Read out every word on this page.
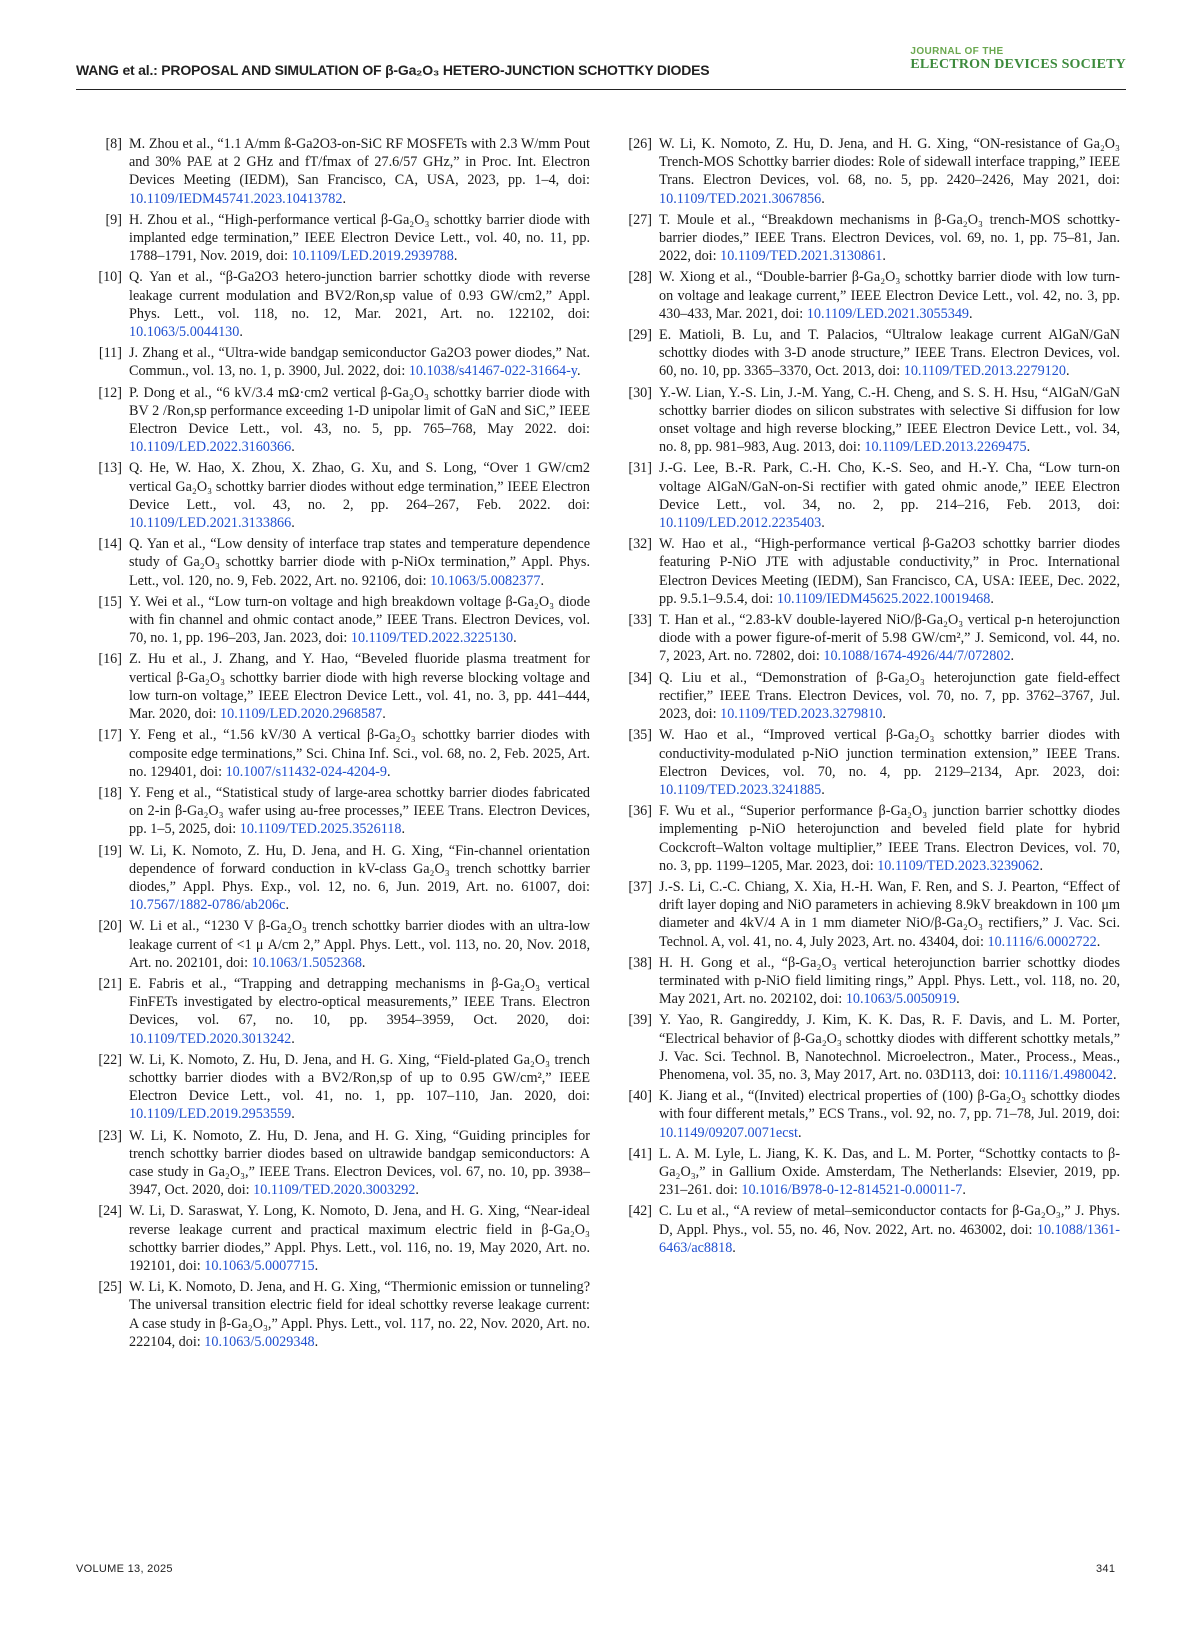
WANG et al.: PROPOSAL AND SIMULATION OF β-Ga₂O₃ HETERO-JUNCTION SCHOTTKY DIODES
JOURNAL OF THE
ELECTRON DEVICES SOCIETY
[8] M. Zhou et al., “1.1 A/mm ß-Ga2O3-on-SiC RF MOSFETs with 2.3 W/mm Pout and 30% PAE at 2 GHz and fT/fmax of 27.6/57 GHz,” in Proc. Int. Electron Devices Meeting (IEDM), San Francisco, CA, USA, 2023, pp. 1–4, doi: 10.1109/IEDM45741.2023.10413782.
[9] H. Zhou et al., “High-performance vertical β-Ga₂O₃ schottky barrier diode with implanted edge termination,” IEEE Electron Device Lett., vol. 40, no. 11, pp. 1788–1791, Nov. 2019, doi: 10.1109/LED.2019.2939788.
[10] Q. Yan et al., “β-Ga2O3 hetero-junction barrier schottky diode with reverse leakage current modulation and BV2/Ron,sp value of 0.93 GW/cm2,” Appl. Phys. Lett., vol. 118, no. 12, Mar. 2021, Art. no. 122102, doi: 10.1063/5.0044130.
[11] J. Zhang et al., “Ultra-wide bandgap semiconductor Ga2O3 power diodes,” Nat. Commun., vol. 13, no. 1, p. 3900, Jul. 2022, doi: 10.1038/s41467-022-31664-y.
[12] P. Dong et al., “6 kV/3.4 mΩ·cm2 vertical β-Ga₂O₃ schottky barrier diode with BV 2 /Ron,sp performance exceeding 1-D unipolar limit of GaN and SiC,” IEEE Electron Device Lett., vol. 43, no. 5, pp. 765–768, May 2022. doi: 10.1109/LED.2022.3160366.
[13] Q. He, W. Hao, X. Zhou, X. Zhao, G. Xu, and S. Long, “Over 1 GW/cm2 vertical Ga₂O₃ schottky barrier diodes without edge termination,” IEEE Electron Device Lett., vol. 43, no. 2, pp. 264–267, Feb. 2022. doi: 10.1109/LED.2021.3133866.
[14] Q. Yan et al., “Low density of interface trap states and temperature dependence study of Ga₂O₃ schottky barrier diode with p-NiOx termination,” Appl. Phys. Lett., vol. 120, no. 9, Feb. 2022, Art. no. 92106, doi: 10.1063/5.0082377.
[15] Y. Wei et al., “Low turn-on voltage and high breakdown voltage β-Ga₂O₃ diode with fin channel and ohmic contact anode,” IEEE Trans. Electron Devices, vol. 70, no. 1, pp. 196–203, Jan. 2023, doi: 10.1109/TED.2022.3225130.
[16] Z. Hu et al., J. Zhang, and Y. Hao, “Beveled fluoride plasma treatment for vertical β-Ga₂O₃ schottky barrier diode with high reverse blocking voltage and low turn-on voltage,” IEEE Electron Device Lett., vol. 41, no. 3, pp. 441–444, Mar. 2020, doi: 10.1109/LED.2020.2968587.
[17] Y. Feng et al., “1.56 kV/30 A vertical β-Ga₂O₃ schottky barrier diodes with composite edge terminations,” Sci. China Inf. Sci., vol. 68, no. 2, Feb. 2025, Art. no. 129401, doi: 10.1007/s11432-024-4204-9.
[18] Y. Feng et al., “Statistical study of large-area schottky barrier diodes fabricated on 2-in β-Ga₂O₃ wafer using au-free processes,” IEEE Trans. Electron Devices, pp. 1–5, 2025, doi: 10.1109/TED.2025.3526118.
[19] W. Li, K. Nomoto, Z. Hu, D. Jena, and H. G. Xing, “Fin-channel orientation dependence of forward conduction in kV-class Ga₂O₃ trench schottky barrier diodes,” Appl. Phys. Exp., vol. 12, no. 6, Jun. 2019, Art. no. 61007, doi: 10.7567/1882-0786/ab206c.
[20] W. Li et al., “1230 V β-Ga₂O₃ trench schottky barrier diodes with an ultra-low leakage current of <1 μ A/cm 2,” Appl. Phys. Lett., vol. 113, no. 20, Nov. 2018, Art. no. 202101, doi: 10.1063/1.5052368.
[21] E. Fabris et al., “Trapping and detrapping mechanisms in β-Ga₂O₃ vertical FinFETs investigated by electro-optical measurements,” IEEE Trans. Electron Devices, vol. 67, no. 10, pp. 3954–3959, Oct. 2020, doi: 10.1109/TED.2020.3013242.
[22] W. Li, K. Nomoto, Z. Hu, D. Jena, and H. G. Xing, “Field-plated Ga₂O₃ trench schottky barrier diodes with a BV2/Ron,sp of up to 0.95 GW/cm²,” IEEE Electron Device Lett., vol. 41, no. 1, pp. 107–110, Jan. 2020, doi: 10.1109/LED.2019.2953559.
[23] W. Li, K. Nomoto, Z. Hu, D. Jena, and H. G. Xing, “Guiding principles for trench schottky barrier diodes based on ultrawide bandgap semiconductors: A case study in Ga₂O₃,” IEEE Trans. Electron Devices, vol. 67, no. 10, pp. 3938–3947, Oct. 2020, doi: 10.1109/TED.2020.3003292.
[24] W. Li, D. Saraswat, Y. Long, K. Nomoto, D. Jena, and H. G. Xing, “Near-ideal reverse leakage current and practical maximum electric field in β-Ga₂O₃ schottky barrier diodes,” Appl. Phys. Lett., vol. 116, no. 19, May 2020, Art. no. 192101, doi: 10.1063/5.0007715.
[25] W. Li, K. Nomoto, D. Jena, and H. G. Xing, “Thermionic emission or tunneling? The universal transition electric field for ideal schottky reverse leakage current: A case study in β-Ga₂O₃,” Appl. Phys. Lett., vol. 117, no. 22, Nov. 2020, Art. no. 222104, doi: 10.1063/5.0029348.
[26] W. Li, K. Nomoto, Z. Hu, D. Jena, and H. G. Xing, “ON-resistance of Ga₂O₃ Trench-MOS Schottky barrier diodes: Role of sidewall interface trapping,” IEEE Trans. Electron Devices, vol. 68, no. 5, pp. 2420–2426, May 2021, doi: 10.1109/TED.2021.3067856.
[27] T. Moule et al., “Breakdown mechanisms in β-Ga₂O₃ trench-MOS schottky-barrier diodes,” IEEE Trans. Electron Devices, vol. 69, no. 1, pp. 75–81, Jan. 2022, doi: 10.1109/TED.2021.3130861.
[28] W. Xiong et al., “Double-barrier β-Ga₂O₃ schottky barrier diode with low turn-on voltage and leakage current,” IEEE Electron Device Lett., vol. 42, no. 3, pp. 430–433, Mar. 2021, doi: 10.1109/LED.2021.3055349.
[29] E. Matioli, B. Lu, and T. Palacios, “Ultralow leakage current AlGaN/GaN schottky diodes with 3-D anode structure,” IEEE Trans. Electron Devices, vol. 60, no. 10, pp. 3365–3370, Oct. 2013, doi: 10.1109/TED.2013.2279120.
[30] Y.-W. Lian, Y.-S. Lin, J.-M. Yang, C.-H. Cheng, and S. S. H. Hsu, “AlGaN/GaN schottky barrier diodes on silicon substrates with selective Si diffusion for low onset voltage and high reverse blocking,” IEEE Electron Device Lett., vol. 34, no. 8, pp. 981–983, Aug. 2013, doi: 10.1109/LED.2013.2269475.
[31] J.-G. Lee, B.-R. Park, C.-H. Cho, K.-S. Seo, and H.-Y. Cha, “Low turn-on voltage AlGaN/GaN-on-Si rectifier with gated ohmic anode,” IEEE Electron Device Lett., vol. 34, no. 2, pp. 214–216, Feb. 2013, doi: 10.1109/LED.2012.2235403.
[32] W. Hao et al., “High-performance vertical β-Ga2O3 schottky barrier diodes featuring P-NiO JTE with adjustable conductivity,” in Proc. International Electron Devices Meeting (IEDM), San Francisco, CA, USA: IEEE, Dec. 2022, pp. 9.5.1–9.5.4, doi: 10.1109/IEDM45625.2022.10019468.
[33] T. Han et al., “2.83-kV double-layered NiO/β-Ga₂O₃ vertical p-n heterojunction diode with a power figure-of-merit of 5.98 GW/cm²,” J. Semicond, vol. 44, no. 7, 2023, Art. no. 72802, doi: 10.1088/1674-4926/44/7/072802.
[34] Q. Liu et al., “Demonstration of β-Ga₂O₃ heterojunction gate field-effect rectifier,” IEEE Trans. Electron Devices, vol. 70, no. 7, pp. 3762–3767, Jul. 2023, doi: 10.1109/TED.2023.3279810.
[35] W. Hao et al., “Improved vertical β-Ga₂O₃ schottky barrier diodes with conductivity-modulated p-NiO junction termination extension,” IEEE Trans. Electron Devices, vol. 70, no. 4, pp. 2129–2134, Apr. 2023, doi: 10.1109/TED.2023.3241885.
[36] F. Wu et al., “Superior performance β-Ga₂O₃ junction barrier schottky diodes implementing p-NiO heterojunction and beveled field plate for hybrid Cockcroft–Walton voltage multiplier,” IEEE Trans. Electron Devices, vol. 70, no. 3, pp. 1199–1205, Mar. 2023, doi: 10.1109/TED.2023.3239062.
[37] J.-S. Li, C.-C. Chiang, X. Xia, H.-H. Wan, F. Ren, and S. J. Pearton, “Effect of drift layer doping and NiO parameters in achieving 8.9kV breakdown in 100 μm diameter and 4kV/4 A in 1 mm diameter NiO/β-Ga₂O₃ rectifiers,” J. Vac. Sci. Technol. A, vol. 41, no. 4, July 2023, Art. no. 43404, doi: 10.1116/6.0002722.
[38] H. H. Gong et al., “β-Ga₂O₃ vertical heterojunction barrier schottky diodes terminated with p-NiO field limiting rings,” Appl. Phys. Lett., vol. 118, no. 20, May 2021, Art. no. 202102, doi: 10.1063/5.0050919.
[39] Y. Yao, R. Gangireddy, J. Kim, K. K. Das, R. F. Davis, and L. M. Porter, “Electrical behavior of β-Ga₂O₃ schottky diodes with different schottky metals,” J. Vac. Sci. Technol. B, Nanotechnol. Microelectron., Mater., Process., Meas., Phenomena, vol. 35, no. 3, May 2017, Art. no. 03D113, doi: 10.1116/1.4980042.
[40] K. Jiang et al., “(Invited) electrical properties of (100) β-Ga₂O₃ schottky diodes with four different metals,” ECS Trans., vol. 92, no. 7, pp. 71–78, Jul. 2019, doi: 10.1149/09207.0071ecst.
[41] L. A. M. Lyle, L. Jiang, K. K. Das, and L. M. Porter, “Schottky contacts to β-Ga₂O₃,” in Gallium Oxide. Amsterdam, The Netherlands: Elsevier, 2019, pp. 231–261. doi: 10.1016/B978-0-12-814521-0.00011-7.
[42] C. Lu et al., “A review of metal–semiconductor contacts for β-Ga₂O₃,” J. Phys. D, Appl. Phys., vol. 55, no. 46, Nov. 2022, Art. no. 463002, doi: 10.1088/1361-6463/ac8818.
VOLUME 13, 2025	341
